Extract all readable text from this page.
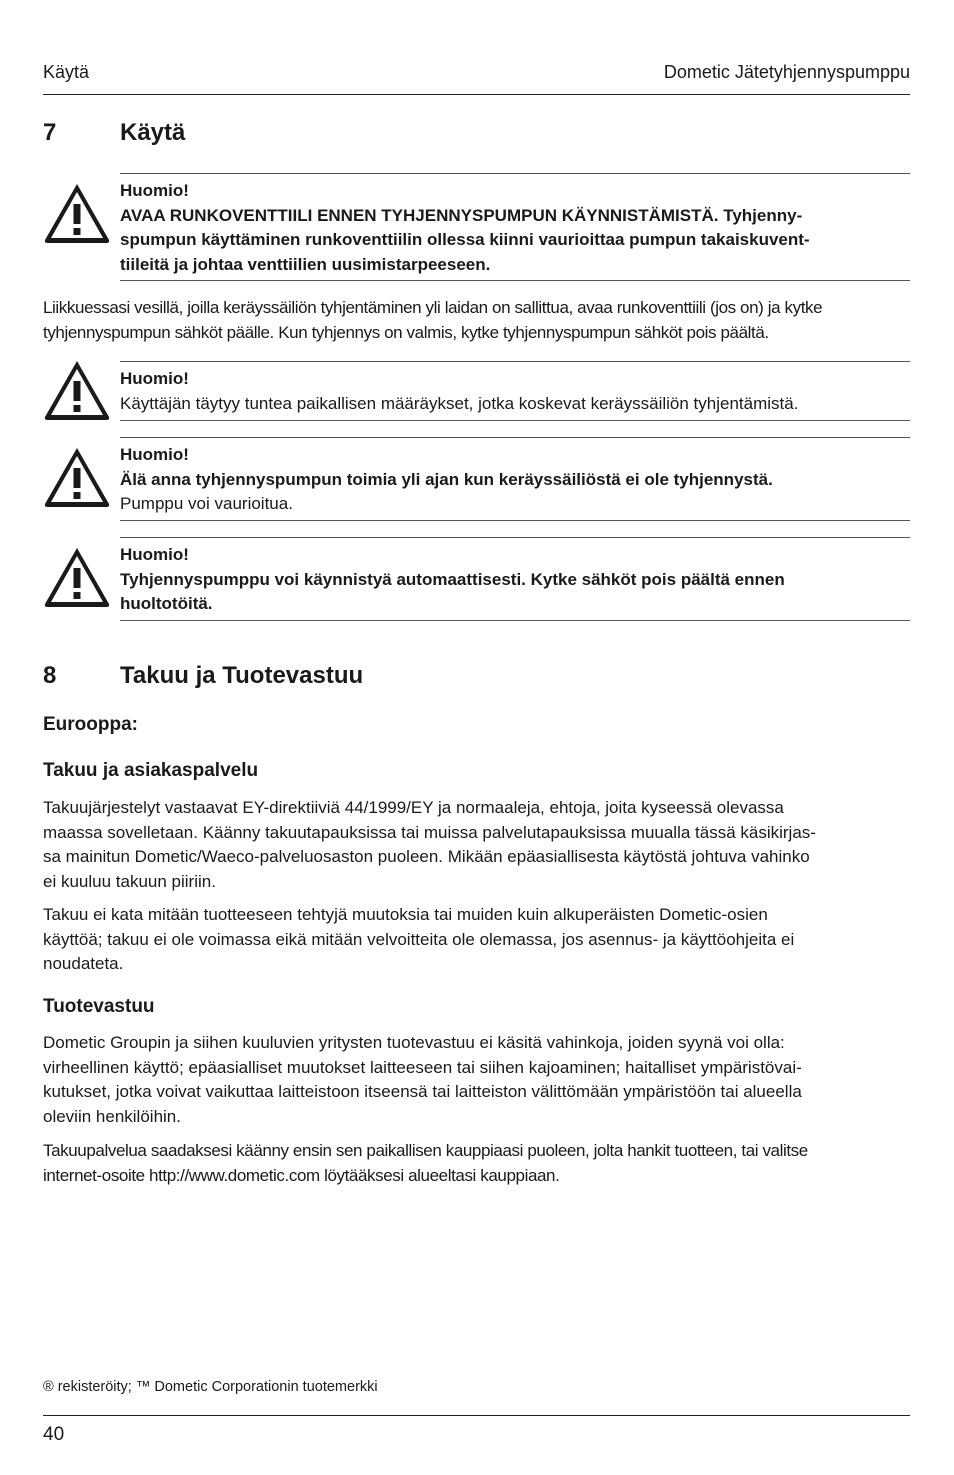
Käytä	Dometic Jätetyhjennyspumppu
7	Käytä
Huomio!
AVAA RUNKOVENTTIILI ENNEN TYHJENNYSPUMPUN KÄYNNISTÄMISTÄ. Tyhjenny-
spumpun käyttäminen runkoventtiilin ollessa kiinni vaurioittaa pumpun takaiskuvent-
tiileitä ja johtaa venttiilien uusimistarpeeseen.
Liikkuessasi vesillä, joilla keräyssäiliön tyhjentäminen yli laidan on sallittua, avaa runkoventtiili (jos on) ja kytke
tyhjennyspumpun sähköt päälle. Kun tyhjennys on valmis, kytke tyhjennyspumpun sähköt pois päältä.
Huomio!
Käyttäjän täytyy tuntea paikallisen määräykset, jotka koskevat keräyssäiliön tyhjentämistä.
Huomio!
Älä anna tyhjennyspumpun toimia yli ajan kun keräyssäiliöstä ei ole tyhjennystä.
Pumppu voi vaurioitua.
Huomio!
Tyhjennyspumppu voi käynnistyä automaattisesti. Kytke sähköt pois päältä ennen
huoltotöitä.
8	Takuu ja Tuotevastuu
Eurooppa:
Takuu ja asiakaspalvelu
Takuujärjestelyt vastaavat EY-direktiiviä 44/1999/EY ja normaaleja, ehtoja, joita kyseessä olevassa
maassa sovelletaan. Käänny takuutapauksissa tai muissa palvelutapauksissa muualla tässä käsikirjas-
sa mainitun Dometic/Waeco-palveluosaston puoleen. Mikään epäasiallisesta käytöstä johtuva vahinko
ei kuuluu takuun piiriin.
Takuu ei kata mitään tuotteeseen tehtyjä muutoksia tai muiden kuin alkuperäisten Dometic-osien
käyttöä; takuu ei ole voimassa eikä mitään velvoitteita ole olemassa, jos asennus- ja käyttöohjeita ei
noudateta.
Tuotevastuu
Dometic Groupin ja siihen kuuluvien yritysten tuotevastuu ei käsitä vahinkoja, joiden syynä voi olla:
virheellinen käyttö; epäasialliset muutokset laitteeseen tai siihen kajoaminen; haitalliset ympäristövai-
kutukset, jotka voivat vaikuttaa laitteistoon itseensä tai laitteiston välittömään ympäristöön tai alueella
oleviin henkilöihin.
Takuupalvelua saadaksesi käänny ensin sen paikallisen kauppiaasi puoleen, jolta hankit tuotteen, tai valitse
internet-osoite http://www.dometic.com löytääksesi alueeltasi kauppiaan.
® rekisteröity; ™ Dometic Corporationin tuotemerkki
40
